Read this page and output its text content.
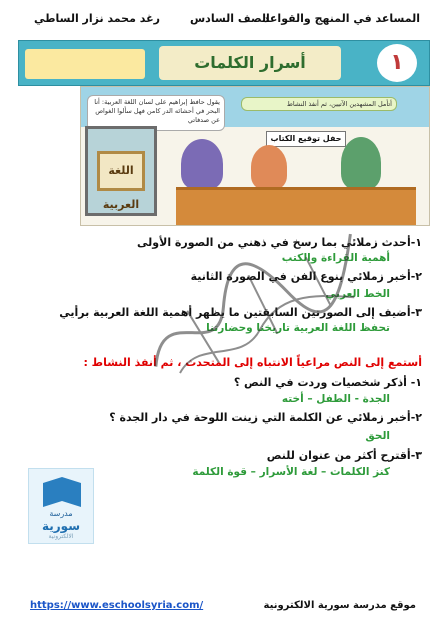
المساعد في المنهج والقواعد
الصف السادس
رغد محمد نزار الساطي
١
أسرار الكلمات
يقول حافظ إبراهيم على لسان اللغة العربية: أنا البحر في أحشائه الدر كامن فهل سألوا الغواص عن صدفاتي
أتأمل المشهدين الآتيين، ثم أنفذ النشاط
حفل توقيع الكتاب
اللغة العربية
١-أحدث زملائي بما رسخ في ذهني من الصورة الأولى
أهمية القراءة والكتب
٢-أخبر زملائي بنوع الفن في الصورة الثانية
الخط العربي
٣-أضيف إلى الصورتين السابقتين ما يظهر أهمية اللغة العربية برأيي
تحفظ اللغة العربية تاريخنا وحضارتنا
أستمع إلى النص مراعياً الانتباه إلى المتحدث ، ثم أنفذ النشاط :
١- أذكر شخصيات وردت في النص ؟
الجدة - الطفل – أخته
٢-أخبر زملائي عن الكلمة التي زينت اللوحة في دار الجدة ؟
الحق
٣-أقترح أكثر من عنوان للنص
كنز الكلمات – لغة الأسرار – قوة الكلمة
مدرسة
سورية
الالكترونية
https://www.eschoolsyria.com/	موقع مدرسة سورية الالكترونية
